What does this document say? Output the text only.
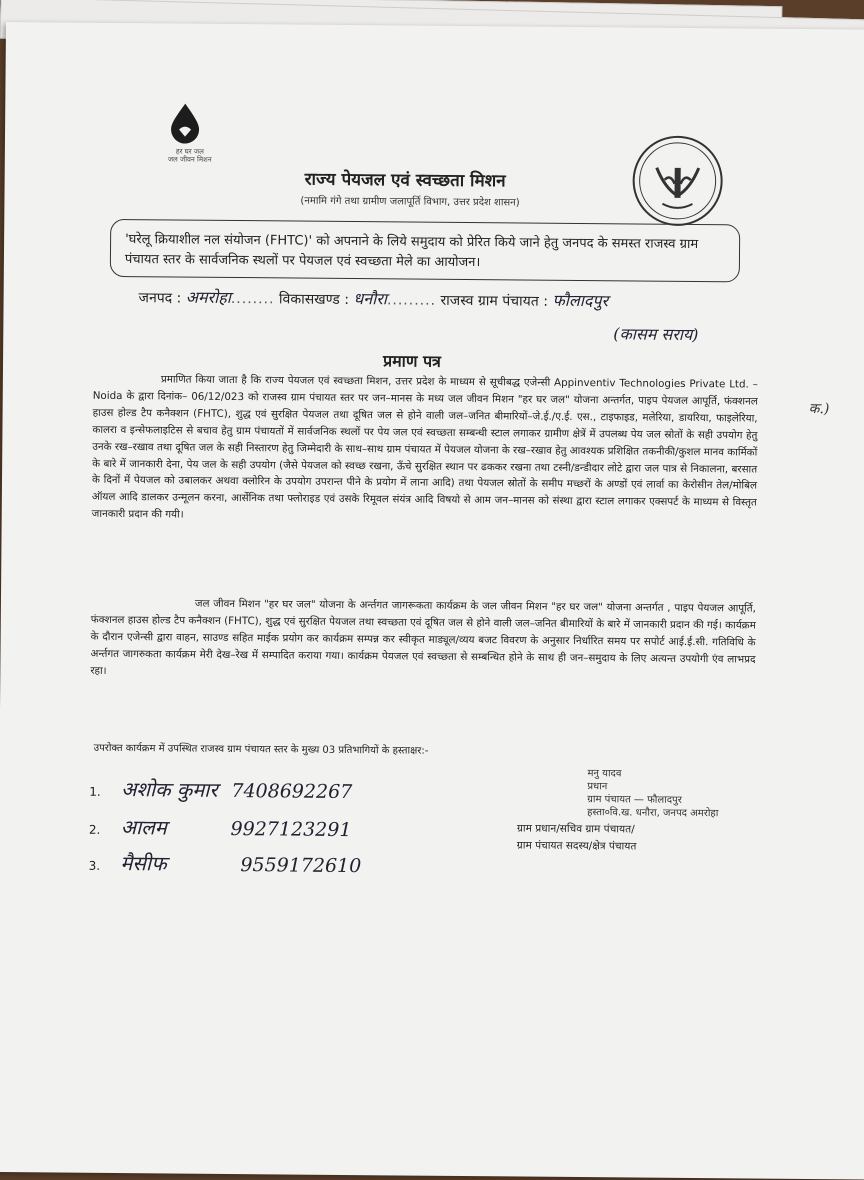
हर घर जल
जल जीवन मिशन
राज्य पेयजल एवं स्वच्छता मिशन
(नमामि गंगे तथा ग्रामीण जलापूर्ति विभाग, उत्तर प्रदेश शासन)
'घरेलू क्रियाशील नल संयोजन (FHTC)' को अपनाने के लिये समुदाय को प्रेरित किये जाने हेतु जनपद के समस्त राजस्व ग्राम पंचायत स्तर के सार्वजनिक स्थलों पर पेयजल एवं स्वच्छता मेले का आयोजन।
जनपद : अमरोहा........ विकासखण्ड : धनौरा......... राजस्व ग्राम पंचायत : फौलादपुर
(कासम सराय)
प्रमाण पत्र
प्रमाणित किया जाता है कि राज्य पेयजल एवं स्वच्छता मिशन, उत्तर प्रदेश के माध्यम से सूचीबद्ध एजेन्सी Appinventiv Technologies Private Ltd. – Noida के द्वारा दिनांक– 06/12/023 को राजस्व ग्राम पंचायत स्तर पर जन–मानस के मध्य जल जीवन मिशन "हर घर जल" योजना अन्तर्गत, पाइप पेयजल आपूर्ति, फंक्शनल हाउस होल्ड टैप कनैक्शन (FHTC), शुद्ध एवं सुरक्षित पेयजल तथा दूषित जल से होने वाली जल–जनित बीमारियों–जे.ई./ए.ई. एस., टाइफाइड, मलेरिया, डायरिया, फाइलेरिया, कालरा व इन्सेफलाइटिस से बचाव हेतु ग्राम पंचायतों में सार्वजनिक स्थलों पर पेय जल एवं स्वच्छता सम्बन्धी स्टाल लगाकर ग्रामीण क्षेत्रें में उपलब्ध पेय जल स्रोतों के सही उपयोग हेतु उनके रख–रखाव तथा दूषित जल के सही निस्तारण हेतु जिम्मेदारी के साथ–साथ ग्राम पंचायत में पेयजल योजना के रख–रखाव हेतु आवश्यक प्रशिक्षित तकनीकी/कुशल मानव कार्मिकों के बारे में जानकारी देना, पेय जल के सही उपयोग (जैसे पेयजल को स्वच्छ रखना, ऊँचे सुरक्षित स्थान पर ढककर रखना तथा टस्नी/डन्डीदार लोटे द्वारा जल पात्र से निकालना, बरसात के दिनों में पेयजल को उबालकर अथवा क्लोरिन के उपयोग उपरान्त पीने के प्रयोग में लाना आदि) तथा पेयजल स्रोतों के समीप मच्छरों के अण्डों एवं लार्वा का केरोसीन तेल/मोबिल ऑयल आदि डालकर उन्मूलन करना, आर्सेनिक तथा फ्लोराइड एवं उसके रिमूवल संयंत्र आदि विषयो से आम जन–मानस को संस्था द्वारा स्टाल लगाकर एक्सपर्ट के माध्यम से विस्तृत जानकारी प्रदान की गयी।
जल जीवन मिशन "हर घर जल" योजना के अर्न्तगत जागरूकता कार्यक्रम के जल जीवन मिशन "हर घर जल" योजना अन्तर्गत , पाइप पेयजल आपूर्ति, फंक्शनल हाउस होल्ड टैप कनैक्शन (FHTC), शुद्ध एवं सुरक्षित पेयजल तथा स्वच्छता एवं दूषित जल से होने वाली जल–जनित बीमारियों के बारे में जानकारी प्रदान की गई। कार्यक्रम के दौरान एजेन्सी द्वारा वाहन, साउण्ड सहित माईक प्रयोग कर कार्यक्रम सम्पन्न कर स्वीकृत माड्यूल/व्यय बजट विवरण के अनुसार निर्धारित समय पर सपोर्ट आई.ई.सी. गतिविधि के अर्न्तगत जागरुकता कार्यक्रम मेरी देख–रेख में सम्पादित कराया गया। कार्यक्रम पेयजल एवं स्वच्छता से सम्बन्धित होने के साथ ही जन–समुदाय के लिए अत्यन्त उपयोगी एंव लाभप्रद रहा।
क.)
उपरोक्त कार्यक्रम में उपस्थित राजस्व ग्राम पंचायत स्तर के मुख्य 03 प्रतिभागियों के हस्ताक्षर:-
1. अशोक कुमार 7408692267
2. आलम	9927123291
3. मैसीफ	9559172610
मनु यादव
प्रधान
ग्राम पंचायत — फौलादपुर
हस्ता०वि.ख. धनौरा, जनपद अमरोहा
ग्राम प्रधान/सचिव ग्राम पंचायत/
ग्राम पंचायत सदस्य/क्षेत्र पंचायत
